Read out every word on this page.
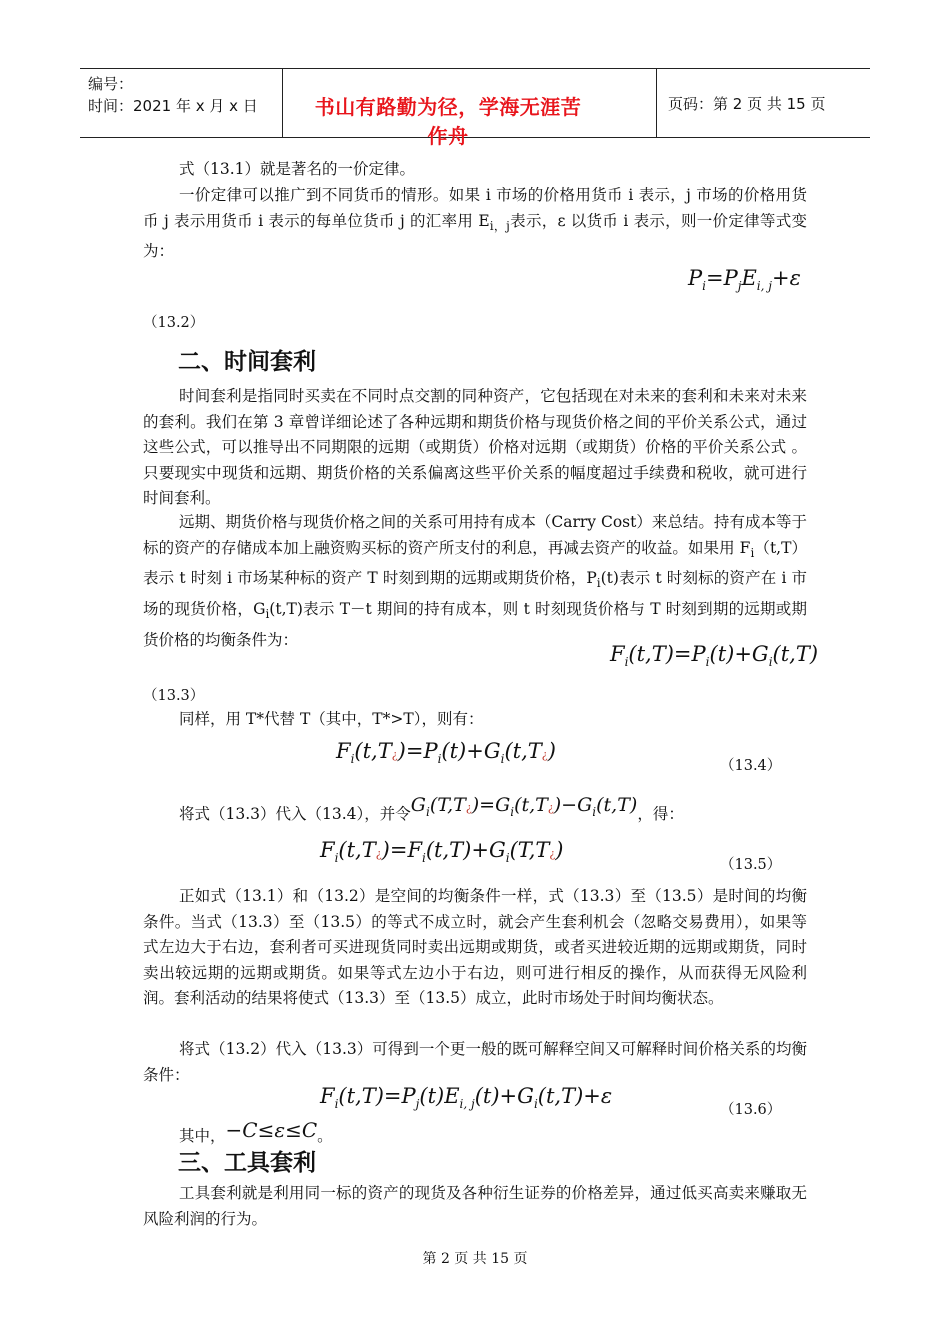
编号：
时间：2021 年 x 月 x 日	书山有路勤为径，学海无涯苦作舟
页码：第 2 页 共 15 页
式（13.1）就是著名的一价定律。
一价定律可以推广到不同货币的情形。如果 i 市场的价格用货币 i 表示，j 市场的价格用货币 j 表示用货币 i 表示的每单位货币 j 的汇率用 $E_{i,j}$表示，ε 以货币 i 表示，则一价定律等式变为：
$P_i=P_jE_{i, j}+\varepsilon$
（13.2）
二、时间套利
时间套利是指同时买卖在不同时点交割的同种资产，它包括现在对未来的套利和未来对未来的套利。我们在第 3 章曾详细论述了各种远期和期货价格与现货价格之间的平价关系公式，通过这些公式，可以推导出不同期限的远期（或期货）价格对远期（或期货）价格的平价关系公式 。只要现实中现货和远期、期货价格的关系偏离这些平价关系的幅度超过手续费和税收，就可进行时间套利。
远期、期货价格与现货价格之间的关系可用持有成本（Carry Cost）来总结。持有成本等于标的资产的存储成本加上融资购买标的资产所支付的利息，再减去资产的收益。如果用 $F_i(t,T)$表示 t 时刻 i 市场某种标的资产 T 时刻到期的远期或期货价格，$P_i(t)$表示 t 时刻标的资产在 i 市场的现货价格，$G_i(t,T)$表示 T－t 期间的持有成本，则 t 时刻现货价格与 T 时刻到期的远期或期货价格的均衡条件为：
$F_i(t,T)=P_i(t)+G_i(t,T)$
（13.3）
同样，用 T*代替 T（其中，T*>T），则有：
$F_i(t,T¿)=P_i(t)+G_i(t,T¿)$
（13.4）
将式（13.3）代入（13.4），并令$G_i(T,T¿)=G_i(t,T¿)-G_i(t,T)$，得：
$F_i(t,T¿)=F_i(t,T)+G_i(T,T¿)$
（13.5）
正如式（13.1）和（13.2）是空间的均衡条件一样，式（13.3）至（13.5）是时间的均衡条件。当式（13.3）至（13.5）的等式不成立时，就会产生套利机会（忽略交易费用），如果等式左边大于右边，套利者可买进现货同时卖出远期或期货，或者买进较近期的远期或期货，同时卖出较远期的远期或期货。如果等式左边小于右边，则可进行相反的操作，从而获得无风险利润。套利活动的结果将使式（13.3）至（13.5）成立，此时市场处于时间均衡状态。
将式（13.2）代入（13.3）可得到一个更一般的既可解释空间又可解释时间价格关系的均衡条件：
$F_i(t,T)=P_j(t)E_{i, j}(t)+G_i(t,T)+\varepsilon$
（13.6）
其中，−C≤ε≤C。
三、工具套利
工具套利就是利用同一标的资产的现货及各种衍生证券的价格差异，通过低买高卖来赚取无风险利润的行为。
第 2 页 共 15 页
